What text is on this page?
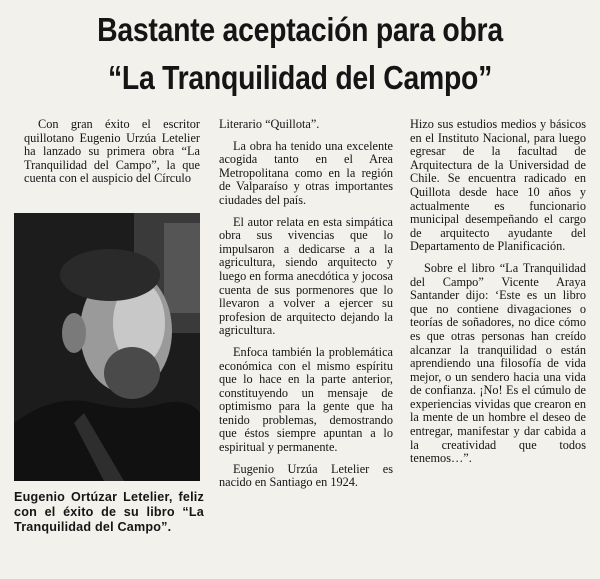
Bastante aceptación para obra
“La Tranquilidad del Campo”

Con gran éxito el escritor quillotano Eugenio Urzúa Letelier ha lanzado su primera obra “La Tranquilidad del Campo”, la que cuenta con el auspicio del Círculo

Eugenio Ortúzar Letelier, feliz con el éxito de su libro “La Tranquilidad del Campo”.

Literario “Quillota”.

La obra ha tenido una excelente acogida tanto en el Area Metropolitana como en la región de Valparaíso y otras importantes ciudades del país.

El autor relata en esta simpática obra sus vivencias que lo impulsaron a dedicarse a a la agricultura, siendo arquitecto y luego en forma anecdótica y jocosa cuenta de sus pormenores que lo llevaron a volver a ejercer su profesion de arquitecto dejando la agricultura.

Enfoca también la problemática económica con el mismo espíritu que lo hace en la parte anterior, constituyendo un mensaje de optimismo para la gente que ha tenido problemas, demostrando que éstos siempre apuntan a lo espiritual y permanente.

Eugenio Urzúa Letelier es nacido en Santiago en 1924.

Hizo sus estudios medios y básicos en el Instituto Nacional, para luego egresar de la facultad de Arquitectura de la Universidad de Chile. Se encuentra radicado en Quillota desde hace 10 años y actualmente es funcionario municipal desempeñando el cargo de arquitecto ayudante del Departamento de Planificación.

Sobre el libro “La Tranquilidad del Campo” Vicente Araya Santander dijo: ‘Este es un libro que no contiene divagaciones o teorías de soñadores, no dice cómo es que otras personas han creído alcanzar la tranquilidad o están aprendiendo una filosofía de vida mejor, o un sendero hacia una vida de confianza. ¡No! Es el cúmulo de experiencias vividas que crearon en la mente de un hombre el deseo de entregar, manifestar y dar cabida a la creatividad que todos tenemos…”.
